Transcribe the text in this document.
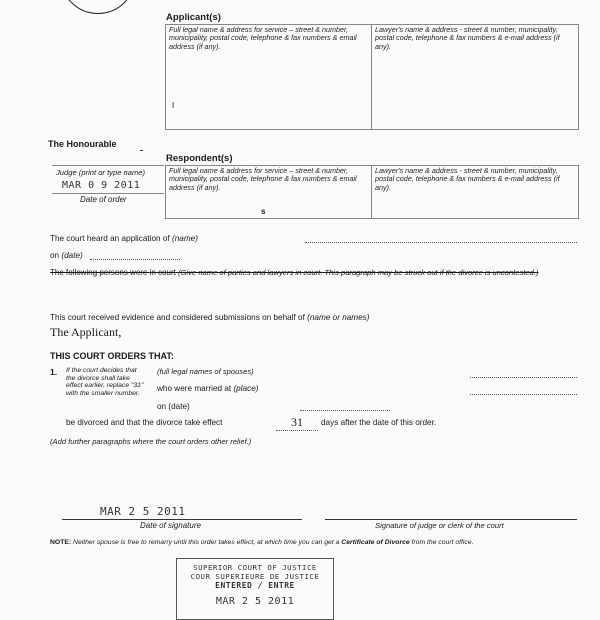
Applicant(s)
Full legal name & address for service – street & number, municipality, postal code, telephone & fax numbers & email address (if any).
Lawyer's name & address - street & number, municipality, postal code, telephone & fax numbers & e-mail address (if any).
I
The Honourable
Respondent(s)
Full legal name & address for service – street & number, municipality, postal code, telephone & fax numbers & email address (if any).
Lawyer's name & address - street & number, municipality, postal code, telephone & fax numbers & e-mail address (if any).
s
Judge (print or type name)
MAR 0 9 2011
Date of order
The court heard an application of (name)
on (date)
The following persons were in court (Give name of parties and lawyers in court. This paragraph may be struck out if the divorce is uncontested.)
This court received evidence and considered submissions on behalf of (name or names)
The Applicant,
THIS COURT ORDERS THAT:
1. If the court decides that the divorce shall take effect earlier, replace "31" with the smaller number.
(full legal names of spouses)
who were married at (place)
on (date)
be divorced and that the divorce take effect	31	days after the date of this order.
(Add further paragraphs where the court orders other relief.)
MAR 2 5 2011
Date of signature	Signature of judge or clerk of the court
NOTE: Neither spouse is free to remarry until this order takes effect, at which time you can get a Certificate of Divorce from the court office.
SUPERIOR COURT OF JUSTICE
COUR SUPERIEURE DE JUSTICE
ENTERED / ENTRE
MAR 2 5 2011
